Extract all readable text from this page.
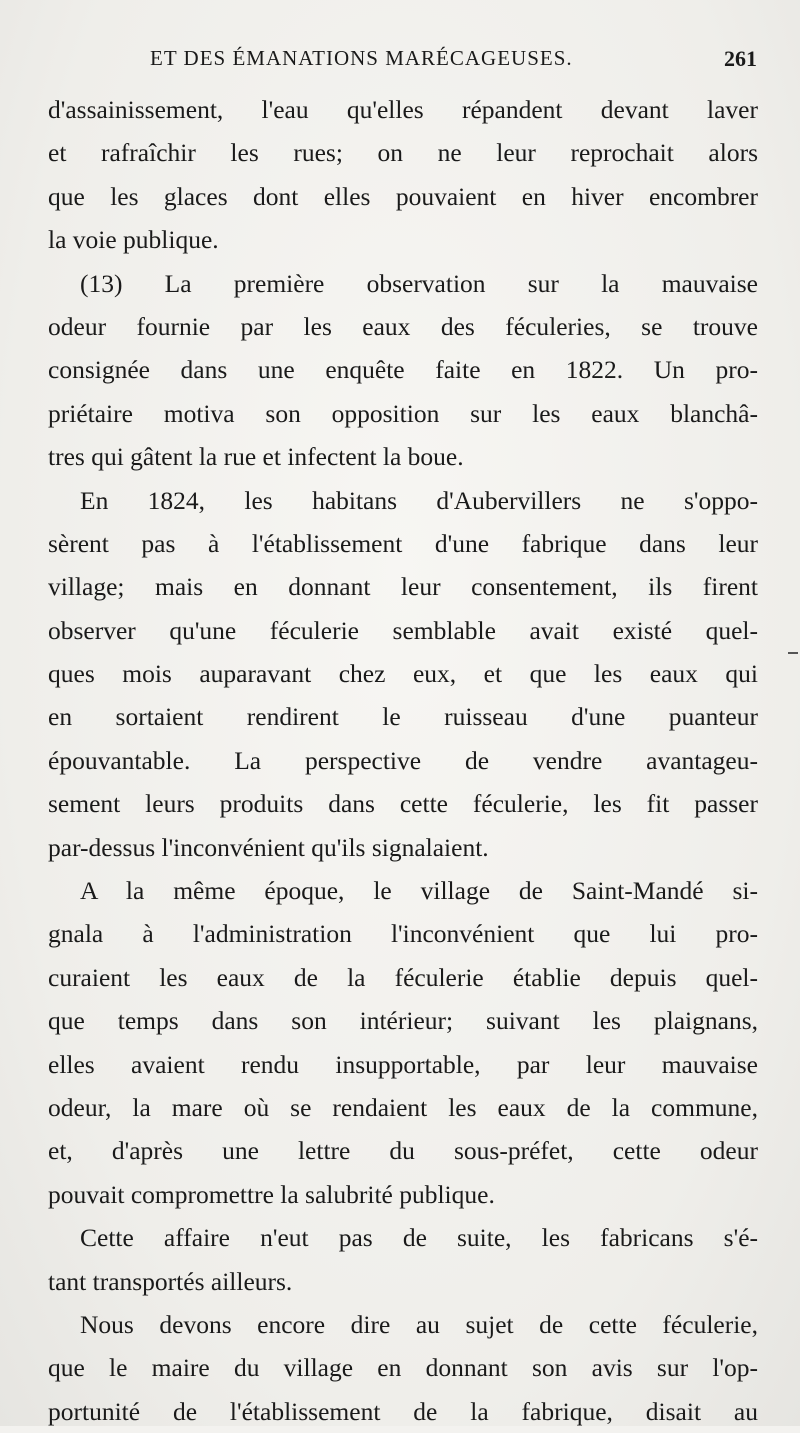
ET DES ÉMANATIONS MARÉCAGEUSES.	261
d'assainissement, l'eau qu'elles répandent devant laver
et rafraîchir les rues; on ne leur reprochait alors
que les glaces dont elles pouvaient en hiver encombrer
la voie publique.
(13) La première observation sur la mauvaise
odeur fournie par les eaux des féculeries, se trouve
consignée dans une enquête faite en 1822. Un pro-
priétaire motiva son opposition sur les eaux blanchâ-
tres qui gâtent la rue et infectent la boue.
En 1824, les habitans d'Aubervillers ne s'oppo-
sèrent pas à l'établissement d'une fabrique dans leur
village; mais en donnant leur consentement, ils firent
observer qu'une féculerie semblable avait existé quel-
ques mois auparavant chez eux, et que les eaux qui
en sortaient rendirent le ruisseau d'une puanteur
épouvantable. La perspective de vendre avantageu-
sement leurs produits dans cette féculerie, les fit passer
par-dessus l'inconvénient qu'ils signalaient.
A la même époque, le village de Saint-Mandé si-
gnala à l'administration l'inconvénient que lui pro-
curaient les eaux de la féculerie établie depuis quel-
que temps dans son intérieur; suivant les plaignans,
elles avaient rendu insupportable, par leur mauvaise
odeur, la mare où se rendaient les eaux de la commune,
et, d'après une lettre du sous-préfet, cette odeur
pouvait compromettre la salubrité publique.
Cette affaire n'eut pas de suite, les fabricans s'é-
tant transportés ailleurs.
Nous devons encore dire au sujet de cette féculerie,
que le maire du village en donnant son avis sur l'op-
portunité de l'établissement de la fabrique, disait au
